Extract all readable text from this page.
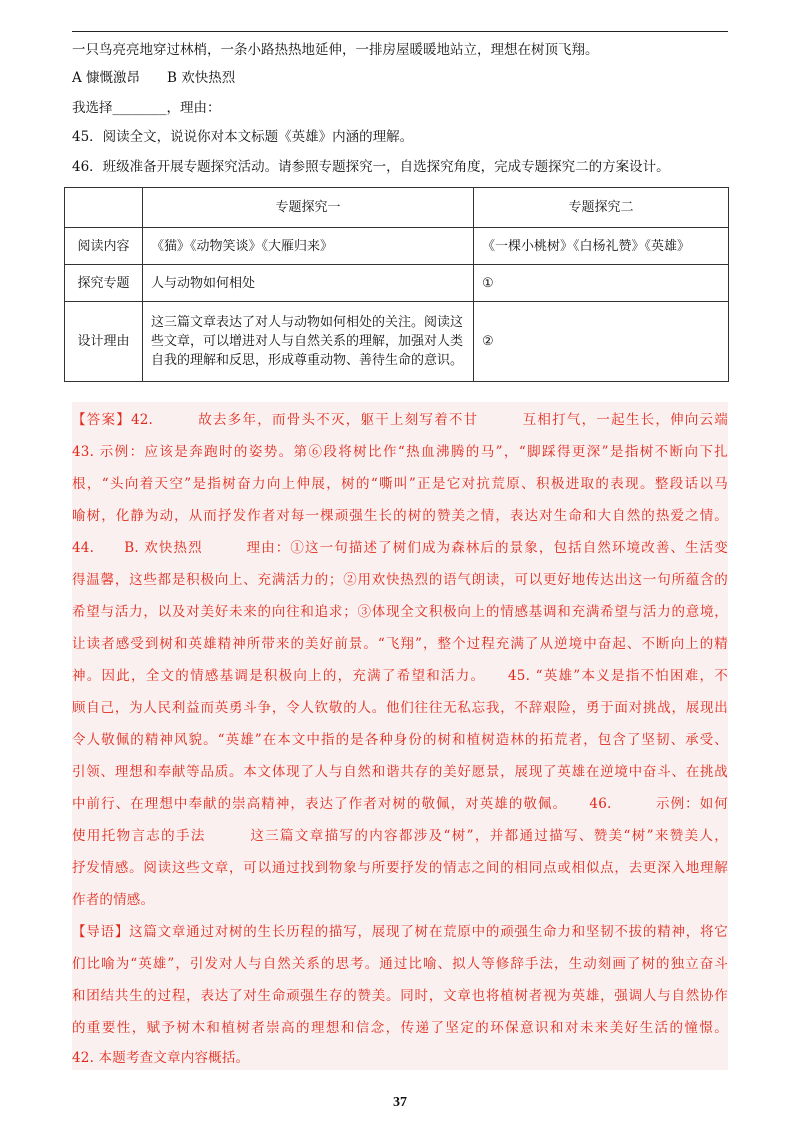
一只鸟亮亮地穿过林梢，一条小路热热地延伸，一排房屋暖暖地站立，理想在树顶飞翔。
A 慷慨激昂　　B 欢快热烈
我选择________，理由：
45．阅读全文，说说你对本文标题《英雄》内涵的理解。
46．班级准备开展专题探究活动。请参照专题探究一，自选探究角度，完成专题探究二的方案设计。
	专题探究一	专题探究二
阅读内容	《猫》《动物笑谈》《大雁归来》	《一棵小桃树》《白杨礼赞》《英雄》
探究专题	人与动物如何相处	①
设计理由	这三篇文章表达了对人与动物如何相处的关注。阅读这些文章，可以增进对人与自然关系的理解，加强对人类自我的理解和反思，形成尊重动物、善待生命的意识。	②
【答案】42.　　　故去多年，而骨头不灭，躯干上刻写着不甘　　　互相打气，一起生长，伸向云端
43. 示例：应该是奔跑时的姿势。第⑥段将树比作“热血沸腾的马”，“脚踩得更深”是指树不断向下扎
根，“头向着天空”是指树奋力向上伸展，树的“嘶叫”正是它对抗荒原、积极进取的表现。整段话以马
喻树，化静为动，从而抒发作者对每一棵顽强生长的树的赞美之情，表达对生命和大自然的热爱之情。
44.　　B. 欢快热烈　　　理由：①这一句描述了树们成为森林后的景象，包括自然环境改善、生活变
得温馨，这些都是积极向上、充满活力的；②用欢快热烈的语气朗读，可以更好地传达出这一句所蕴含的
希望与活力，以及对美好未来的向往和追求；③体现全文积极向上的情感基调和充满希望与活力的意境，
让读者感受到树和英雄精神所带来的美好前景。“飞翔”，整个过程充满了从逆境中奋起、不断向上的精
神。因此，全文的情感基调是积极向上的，充满了希望和活力。　　45. “英雄”本义是指不怕困难，不
顾自己，为人民利益而英勇斗争，令人钦敬的人。他们往往无私忘我，不辞艰险，勇于面对挑战，展现出
令人敬佩的精神风貌。“英雄”在本文中指的是各种身份的树和植树造林的拓荒者，包含了坚韧、承受、
引领、理想和奉献等品质。本文体现了人与自然和谐共存的美好愿景，展现了英雄在逆境中奋斗、在挑战
中前行、在理想中奉献的崇高精神，表达了作者对树的敬佩，对英雄的敬佩。　　46.　　　示例：如何
使用托物言志的手法　　　这三篇文章描写的内容都涉及“树”，并都通过描写、赞美“树”来赞美人，
抒发情感。阅读这些文章，可以通过找到物象与所要抒发的情志之间的相同点或相似点，去更深入地理解
作者的情感。
【导语】这篇文章通过对树的生长历程的描写，展现了树在荒原中的顽强生命力和坚韧不拔的精神，将它
们比喻为“英雄”，引发对人与自然关系的思考。通过比喻、拟人等修辞手法，生动刻画了树的独立奋斗
和团结共生的过程，表达了对生命顽强生存的赞美。同时，文章也将植树者视为英雄，强调人与自然协作
的重要性，赋予树木和植树者崇高的理想和信念，传递了坚定的环保意识和对未来美好生活的憧憬。
42. 本题考查文章内容概括。
37
